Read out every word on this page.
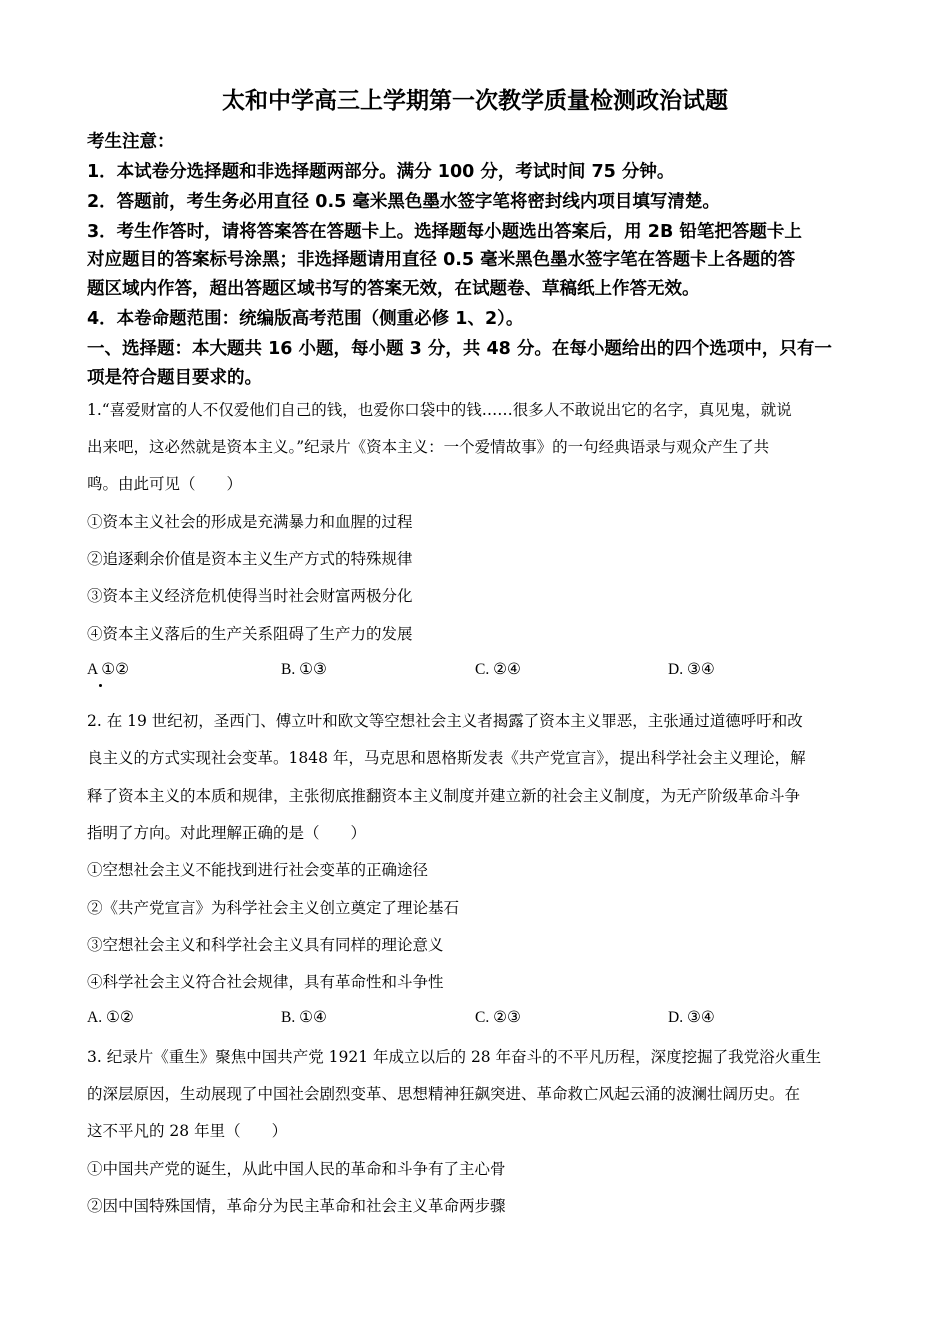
太和中学高三上学期第一次教学质量检测政治试题
考生注意：
1．本试卷分选择题和非选择题两部分。满分 100 分，考试时间 75 分钟。
2．答题前，考生务必用直径 0.5 毫米黑色墨水签字笔将密封线内项目填写清楚。
3．考生作答时，请将答案答在答题卡上。选择题每小题选出答案后，用 2B 铅笔把答题卡上
对应题目的答案标号涂黑；非选择题请用直径 0.5 毫米黑色墨水签字笔在答题卡上各题的答
题区域内作答，超出答题区域书写的答案无效，在试题卷、草稿纸上作答无效。
4．本卷命题范围：统编版高考范围（侧重必修 1、2）。
一、选择题：本大题共 16 小题，每小题 3 分，共 48 分。在每小题给出的四个选项中，只有一
项是符合题目要求的。
1.“喜爱财富的人不仅爱他们自己的钱，也爱你口袋中的钱……很多人不敢说出它的名字，真见鬼，就说
出来吧，这必然就是资本主义。”纪录片《资本主义：一个爱情故事》的一句经典语录与观众产生了共
鸣。由此可见（　　）
①资本主义社会的形成是充满暴力和血腥的过程
②追逐剩余价值是资本主义生产方式的特殊规律
③资本主义经济危机使得当时社会财富两极分化
④资本主义落后的生产关系阻碍了生产力的发展
A ①②	B. ①③	C. ②④	D. ③④
2. 在 19 世纪初，圣西门、傅立叶和欧文等空想社会主义者揭露了资本主义罪恶，主张通过道德呼吁和改
良主义的方式实现社会变革。1848 年，马克思和恩格斯发表《共产党宣言》，提出科学社会主义理论，解
释了资本主义的本质和规律，主张彻底推翻资本主义制度并建立新的社会主义制度，为无产阶级革命斗争
指明了方向。对此理解正确的是（　　）
①空想社会主义不能找到进行社会变革的正确途径
②《共产党宣言》为科学社会主义创立奠定了理论基石
③空想社会主义和科学社会主义具有同样的理论意义
④科学社会主义符合社会规律，具有革命性和斗争性
A. ①②	B. ①④	C. ②③	D. ③④
3. 纪录片《重生》聚焦中国共产党 1921 年成立以后的 28 年奋斗的不平凡历程，深度挖掘了我党浴火重生
的深层原因，生动展现了中国社会剧烈变革、思想精神狂飙突进、革命救亡风起云涌的波澜壮阔历史。在
这不平凡的 28 年里（　　）
①中国共产党的诞生，从此中国人民的革命和斗争有了主心骨
②因中国特殊国情，革命分为民主革命和社会主义革命两步骤
